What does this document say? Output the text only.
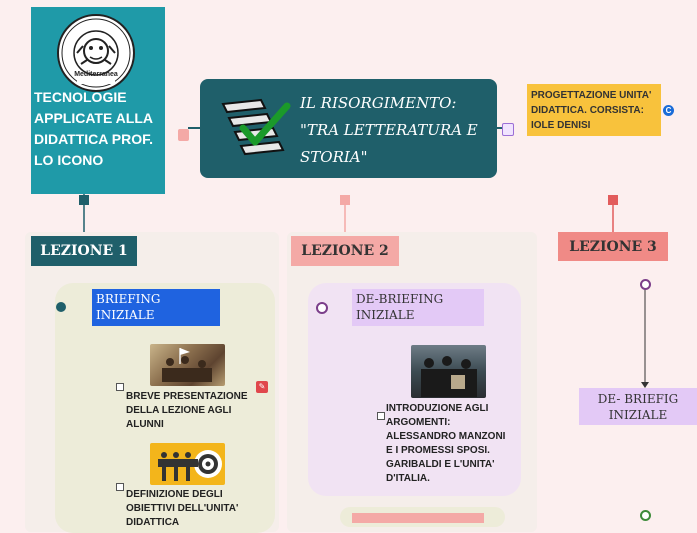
Mediterranea
TECNOLOGIE APPLICATE ALLA DIDATTICA PROF. LO ICONO
IL RISORGIMENTO: "TRA LETTERATURA E STORIA"
PROGETTAZIONE UNITA' DIDATTICA. CORSISTA: IOLE DENISI
C
LEZIONE 1
BRIEFING INIZIALE
BREVE PRESENTAZIONE DELLA LEZIONE AGLI ALUNNI
✎
DEFINIZIONE DEGLI OBIETTIVI DELL'UNITA' DIDATTICA
LEZIONE 2
DE-BRIEFING INIZIALE
INTRODUZIONE AGLI ARGOMENTI: ALESSANDRO MANZONI E I PROMESSI SPOSI. GARIBALDI E L'UNITA' D'ITALIA.
LEZIONE 3
DE- BRIEFIG INIZIALE
